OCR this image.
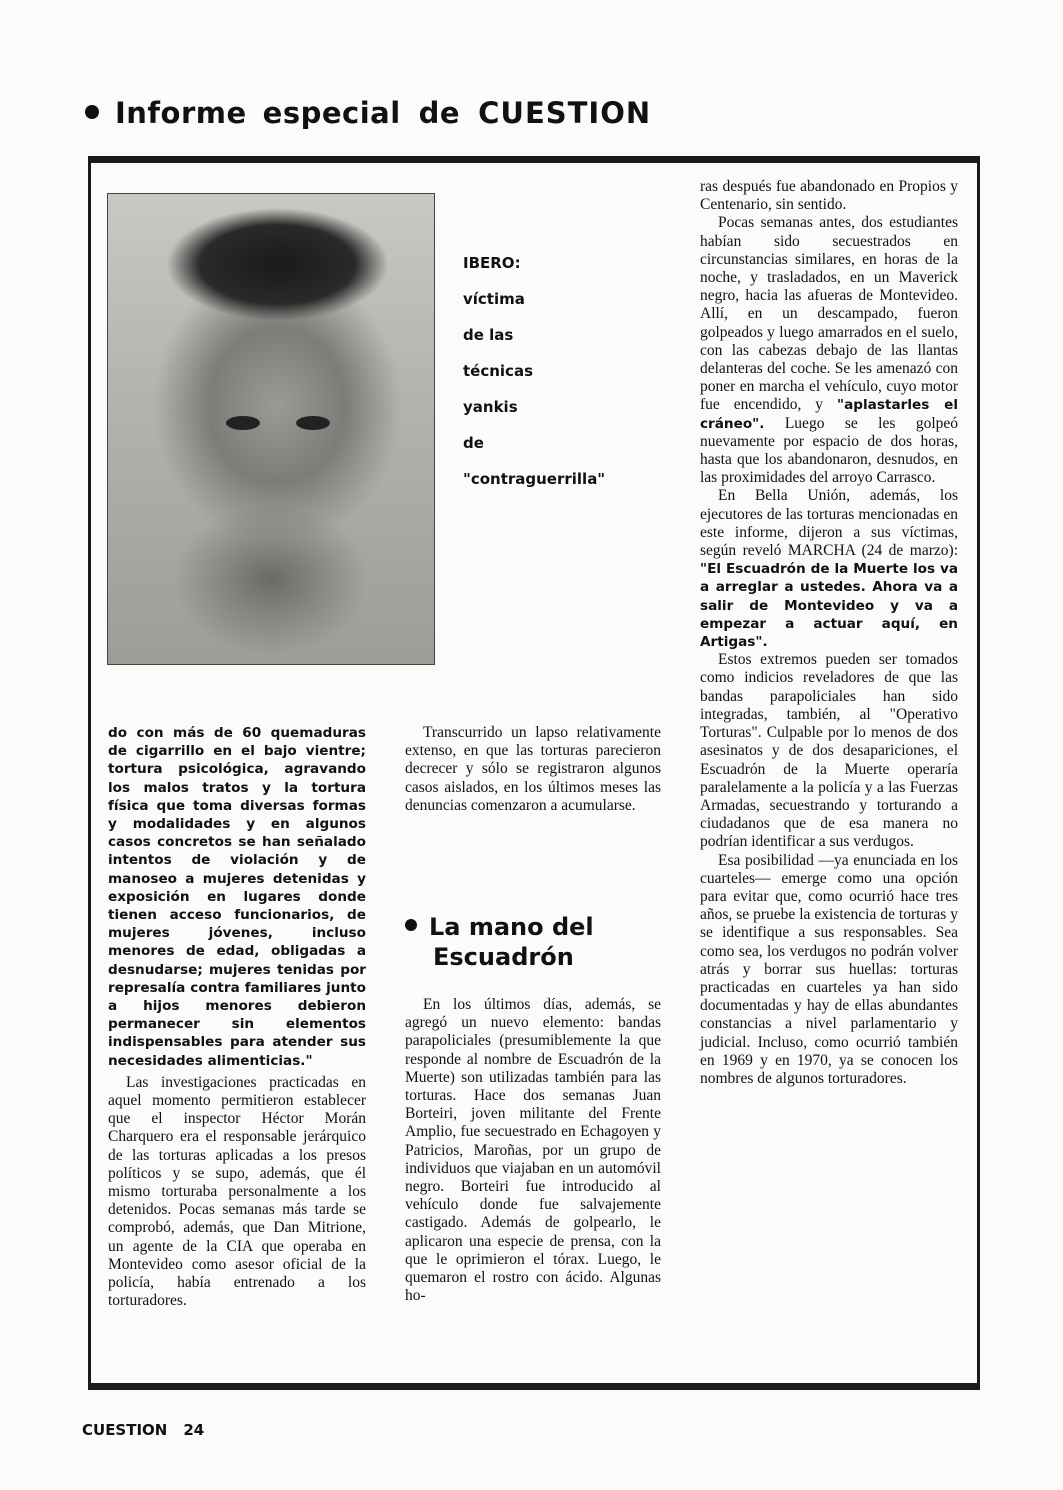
Informe especial de CUESTION
IBERO:
víctima
de las
técnicas
yankis
de
"contraguerrilla"

do con más de 60 quemaduras de cigarrillo en el bajo vientre; tortura psicológica, agravando los malos tratos y la tortura física que toma diversas formas y modalidades y en algunos casos concretos se han señalado intentos de violación y de manoseo a mujeres detenidas y exposición en lugares donde tienen acceso funcionarios, de mujeres jóvenes, incluso menores de edad, obligadas a desnudarse; mujeres tenidas por represalía contra familiares junto a hijos menores debieron permanecer sin elementos indispensables para atender sus necesidades alimenticias."

Las investigaciones practicadas en aquel momento permitieron establecer que el inspector Héctor Morán Charquero era el responsable jerárquico de las torturas aplicadas a los presos políticos y se supo, además, que él mismo torturaba personalmente a los detenidos. Pocas semanas más tarde se comprobó, además, que Dan Mitrione, un agente de la CIA que operaba en Montevideo como asesor oficial de la policía, había entrenado a los torturadores.

Transcurrido un lapso relativamente extenso, en que las torturas parecieron decrecer y sólo se registraron algunos casos aislados, en los últimos meses las denuncias comenzaron a acumularse.

La mano del
Escuadrón

En los últimos días, además, se agregó un nuevo elemento: bandas parapoliciales (presumiblemente la que responde al nombre de Escuadrón de la Muerte) son utilizadas también para las torturas. Hace dos semanas Juan Borteiri, joven militante del Frente Amplio, fue secuestrado en Echagoyen y Patricios, Maroñas, por un grupo de individuos que viajaban en un automóvil negro. Borteiri fue introducido al vehículo donde fue salvajemente castigado. Además de golpearlo, le aplicaron una especie de prensa, con la que le oprimieron el tórax. Luego, le quemaron el rostro con ácido. Algunas ho-

ras después fue abandonado en Propios y Centenario, sin sentido.

Pocas semanas antes, dos estudiantes habían sido secuestrados en circunstancias similares, en horas de la noche, y trasladados, en un Maverick negro, hacia las afueras de Montevideo. Allí, en un descampado, fueron golpeados y luego amarrados en el suelo, con las cabezas debajo de las llantas delanteras del coche. Se les amenazó con poner en marcha el vehículo, cuyo motor fue encendido, y "aplastarles el cráneo". Luego se les golpeó nuevamente por espacio de dos horas, hasta que los abandonaron, desnudos, en las proximidades del arroyo Carrasco.

En Bella Unión, además, los ejecutores de las torturas mencionadas en este informe, dijeron a sus víctimas, según reveló MARCHA (24 de marzo): "El Escuadrón de la Muerte los va a arreglar a ustedes. Ahora va a salir de Montevideo y va a empezar a actuar aquí, en Artigas".

Estos extremos pueden ser tomados como indicios reveladores de que las bandas parapoliciales han sido integradas, también, al "Operativo Torturas". Culpable por lo menos de dos asesinatos y de dos desapariciones, el Escuadrón de la Muerte operaría paralelamente a la policía y a las Fuerzas Armadas, secuestrando y torturando a ciudadanos que de esa manera no podrían identificar a sus verdugos.

Esa posibilidad —ya enunciada en los cuarteles— emerge como una opción para evitar que, como ocurrió hace tres años, se pruebe la existencia de torturas y se identifique a sus responsables. Sea como sea, los verdugos no podrán volver atrás y borrar sus huellas: torturas practicadas en cuarteles ya han sido documentadas y hay de ellas abundantes constancias a nivel parlamentario y judicial. Incluso, como ocurrió también en 1969 y en 1970, ya se conocen los nombres de algunos torturadores.

CUESTION 24
